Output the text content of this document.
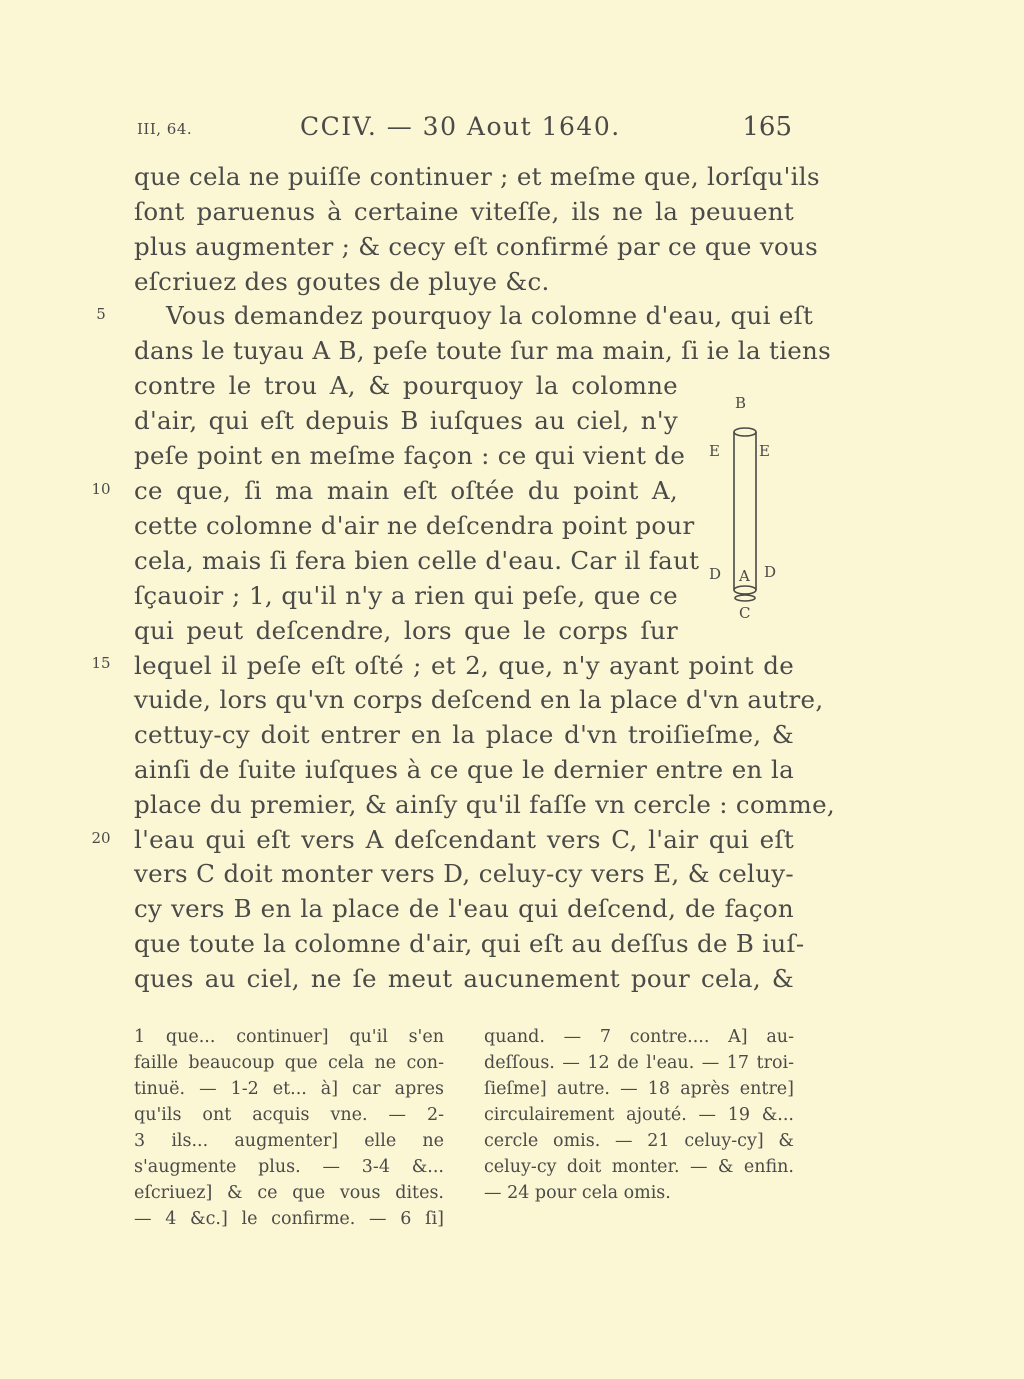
III, 64.	CCIV. — 30 Aout 1640.	165
que cela ne puiſſe continuer ; et meſme que, lorſqu'ils
ſont paruenus à certaine viteſſe, ils ne la peuuent
plus augmenter ; & cecy eſt confirmé par ce que vous
eſcriuez des goutes de pluye &c.
Vous demandez pourquoy la colomne d'eau, qui eſt
dans le tuyau A B, peſe toute ſur ma main, ſi ie la tiens
contre le trou A, & pourquoy la colomne
d'air, qui eſt depuis B iuſques au ciel, n'y
peſe point en meſme façon : ce qui vient de
ce que, ſi ma main eſt oſtée du point A,
cette colomne d'air ne deſcendra point pour
cela, mais ſi fera bien celle d'eau. Car il faut
ſçauoir ; 1, qu'il n'y a rien qui peſe, que ce
qui peut deſcendre, lors que le corps ſur
lequel il peſe eſt oſté ; et 2, que, n'y ayant point de
vuide, lors qu'vn corps deſcend en la place d'vn autre,
cettuy-cy doit entrer en la place d'vn troiſieſme, &
ainſi de ſuite iuſques à ce que le dernier entre en la
place du premier, & ainſy qu'il faſſe vn cercle : comme,
l'eau qui eſt vers A deſcendant vers C, l'air qui eſt
vers C doit monter vers D, celuy-cy vers E, & celuy-
cy vers B en la place de l'eau qui deſcend, de façon
que toute la colomne d'air, qui eſt au deſſus de B iuſ-
ques au ciel, ne ſe meut aucunement pour cela, &
5
10
15
20
B
E	E
D A D
C
1 que... continuer] qu'il s'en
faille beaucoup que cela ne con-
tinuë. — 1-2 et... à] car apres
qu'ils ont acquis vne. — 2-
3 ils... augmenter] elle ne
s'augmente plus. — 3-4 &...
eſcriuez] & ce que vous dites.
— 4 &c.] le confirme. — 6 ſi]
quand. — 7 contre.... A] au-
deſſous. — 12 de l'eau. — 17 troi-
ſieſme] autre. — 18 après entre]
circulairement ajouté. — 19 &...
cercle omis. — 21 celuy-cy] &
celuy-cy doit monter. — & enfin.
— 24 pour cela omis.
